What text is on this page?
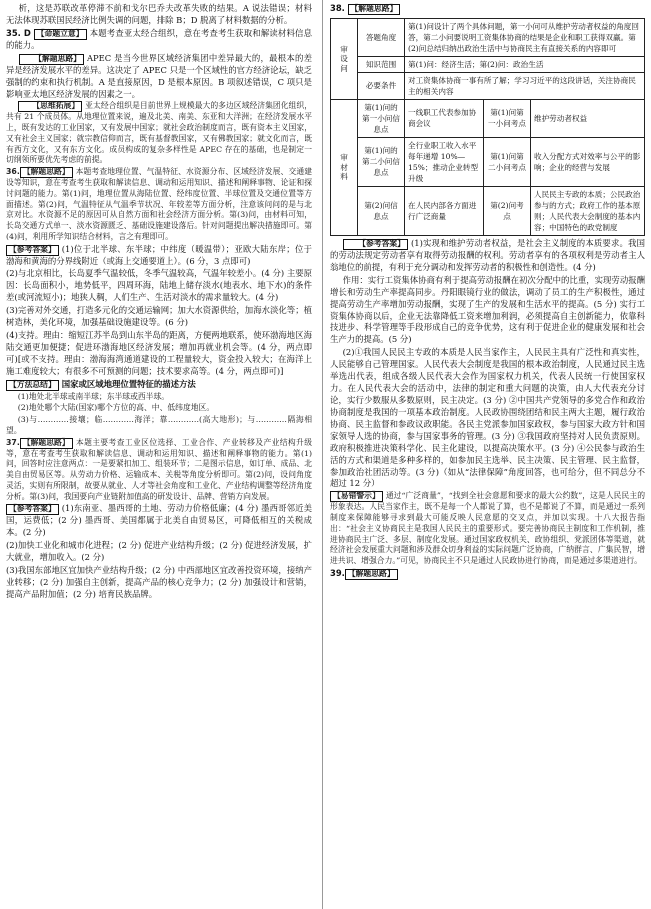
析，这是苏联改革停滞不前和戈尔巴乔夫改革失败的结果。A 说法错误；材料无法体现苏联国民经济比例失调的问题，排除 B；D 脱离了材料数据的分析。

35. D 【命题立意】 本题考查亚太经合组织，意在考查考生获取和解读材料信息的能力。

【解题思路】 APEC 是当今世界区域经济集团中差异最大的，最根本的差异是经济发展水平的差异。这决定了 APEC 只是一个区域性的官方经济论坛，缺乏强制的约束和执行机制。A 是直接原因，D 是根本原因。B 项叙述错误，C 项只是影响亚太地区经济发展的因素之一。

【思维拓展】 亚太经合组织是目前世界上规模最大的多边区域经济集团化组织，共有 21 个成员体。从地理位置来说，遍及北美、南美、东亚和大洋洲；在经济发展水平上，既有发达的工业国家，又有发展中国家；就社会政治制度而言，既有资本主义国家，又有社会主义国家；就宗教信仰而言，既有基督教国家，又有佛教国家；就文化而言，既有西方文化，又有东方文化。成员构成的复杂多样性是 APEC 存在的基础，也是制定一切纲领所要优先考虑的前提。

36. 【解题思路】 本题考查地理位置、气温特征、水资源分布、区域经济发展、交通建设等知识，意在考查考生获取和解读信息、调动和运用知识、描述和阐释事物、论证和探讨问题的能力。第(1)问，地理位置从海陆位置、经纬度位置、半球位置及交通位置等方面描述。第(2)问，气温特征从气温季节状况、年较差等方面分析，注意该问问的是与北京对比。水资源不足的原因可从自然方面和社会经济方面分析。第(3)问，由材料可知，长岛交通方式单一、淡水资源匮乏、基础设施建设落后。针对问题提出解决措施即可。第(4)问，利用所学知识结合材料，言之有理即可。

【参考答案】 (1)位于北半球、东半球；中纬度（暖温带）；亚欧大陆东岸；位于渤海和黄海的分界线附近（或海上交通要道上）。(6 分，3 点即可)

(2)与北京相比，长岛夏季气温较低，冬季气温较高，气温年较差小。(4 分) 主要原因：长岛面积小，地势低平，四周环海，陆地上储存淡水(地表水、地下水)的条件差(或河流短小)；地狭人稠，人们生产、生活对淡水的需求量较大。(4 分)

(3)完善对外交通，打造多元化的交通运输网；加大水资源供给，加海水淡化等；植树造林，美化环境，加强基础设施建设等。(6 分)

(4)支持。理由：缩短江苏半岛到山东半岛的距离，方便两地联系，使环渤海地区海陆交通更加便捷；促进环渤海地区经济发展；增加再就业机会等。(4 分，两点即可)[或不支持。理由：渤海海湾通道建设的工程量较大，资金投入较大；在海洋上施工难度较大；有很多不可预测的问题；技术要求高等。(4 分，两点即可)]

【方法总结】 国家或区域地理位置特征的描述方法

(1)地处北半球或南半球；东半球或西半球。

(2)地处哪个大陆(国家)哪个方位的高、中、低纬度地区。

(3)与…………接壤；临…………海洋；靠…………(高大地形)；与…………隔海相望。

37. 【解题思路】 本题主要考查工业区位选择、工业合作、产业转移及产业结构升级等，意在考查考生获取和解读信息、调动和运用知识、描述和阐释事物的能力。第(1)问，回答时应注意两点：一是要紧扣加工、组装环节；二是图示信息，如订单、成品、北美自由贸易区等。从劳动力价格、运输成本、关税等角度分析即可。第(2)问，设问角度灵活，实则有所限制，故要从就业、人才等社会角度和工业化、产业结构调整等经济角度分析。第(3)问，我国要向产业链附加值高的研发设计、品牌、营销方向发展。

【参考答案】 (1)东南亚、墨西哥的土地、劳动力价格低廉；(4 分) 墨西哥邻近美国，运费低；(2 分) 墨西哥、美国都属于北美自由贸易区，可降低相互的关税成本。(2 分)

(2)加快工业化和城市化进程；(2 分) 促进产业结构升级；(2 分) 促进经济发展，扩大就业，增加收入。(2 分)

(3)我国东部地区宜加快产业结构升级；(2 分) 中西部地区宜改善投资环境，接纳产业转移；(2 分) 加强自主创新，提高产品的核心竞争力；(2 分) 加强设计和营销，提高产品附加值；(2 分) 培育民族品牌。

38. 【解题思路】

审
设
问	答题角度	第(1)问设计了两个具体问题，第一小问可从维护劳动者权益的角度回答，第二小问要说明工资集体协商的结果是企业和职工获得双赢。第(2)问总结归纳出政治生活中与协商民主有直接关系的内容即可		
	知识范围	第(1)问：经济生活；第(2)问：政治生活		
	必要条件	对工资集体协商一事有所了解；学习习近平的这段讲话，关注协商民主的相关内容		

审
材
料	第(1)问的第一小问信息点	一线职工代表参加协商会议	第(1)问第一小问考点	维护劳动者权益
	第(1)问的第二小问信息点	全行业职工收入水平每年递增 10%—15%；推动企业转型升级	第(1)问第二小问考点	收入分配方式对效率与公平的影响；企业的经营与发展
	第(2)问信息点	在人民内部各方面进行广泛商量	第(2)问考点	人民民主专政的本质；公民政治参与的方式；政府工作的基本原则；人民代表大会制度的基本内容；中国特色的政党制度

【参考答案】 (1)实现和维护劳动者权益，是社会主义制度的本质要求。我国的劳动法规定劳动者享有取得劳动报酬的权利。劳动者享有的各项权利是劳动者主人翁地位的前提，有利于充分调动和发挥劳动者的积极性和创造性。(4 分)

作用：实行工资集体协商有利于提高劳动报酬在初次分配中的比重，实现劳动报酬增长和劳动生产率提高同步。丹阳眼镜行业的做法，调动了员工的生产积极性，通过提高劳动生产率增加劳动报酬，实现了生产的发展和生活水平的提高。(5 分) 实行工资集体协商以后，企业无法靠降低工资来增加利润，必须提高自主创新能力，依靠科技进步、科学管理等手段形成自己的竞争优势，这有利于促进企业的健康发展和社会生产力的提高。(5 分)

(2)①我国人民民主专政的本质是人民当家作主，人民民主具有广泛性和真实性，人民能够自己管理国家。人民代表大会制度是我国的根本政治制度，人民通过民主选举选出代表，组成各级人民代表大会作为国家权力机关，代表人民统一行使国家权力。在人民代表大会的活动中，法律的制定和重大问题的决策，由人大代表充分讨论，实行少数服从多数原则，民主决定。(3 分) ②中国共产党领导的多党合作和政治协商制度是我国的一项基本政治制度。人民政协围绕团结和民主两大主题，履行政治协商、民主监督和参政议政职能。各民主党派参加国家政权，参与国家大政方针和国家领导人选的协商，参与国家事务的管理。(3 分) ③我国政府坚持对人民负责原则。政府积极推进决策科学化、民主化建设，以提高决策水平。(3 分) ④公民参与政治生活的方式和渠道是多种多样的，如参加民主选举、民主决策、民主管理、民主监督，参加政治社团活动等。(3 分)（如从“法律保障”角度回答，也可给分，但不同总分不超过 12 分）

【易错警示】 通过“广泛商量”，“找到全社会意愿和要求的最大公约数”，这是人民民主的形象表达。人民当家作主，既不是每一个人都说了算，也不是都说了不算，而是通过一系列制度来保障能够寻求到最大可能反映人民意愿的交叉点，并加以实现。十八大报告指出：“社会主义协商民主是我国人民民主的重要形式。要完善协商民主制度和工作机制，推进协商民主广泛、多层、制度化发展。通过国家政权机关、政协组织、党派团体等渠道，就经济社会发展重大问题和涉及群众切身利益的实际问题广泛协商，广纳群言、广集民智，增进共识、增强合力。”可见，协商民主不只是通过人民政协进行协商，而是通过多渠道进行。

39. 【解题思路】
